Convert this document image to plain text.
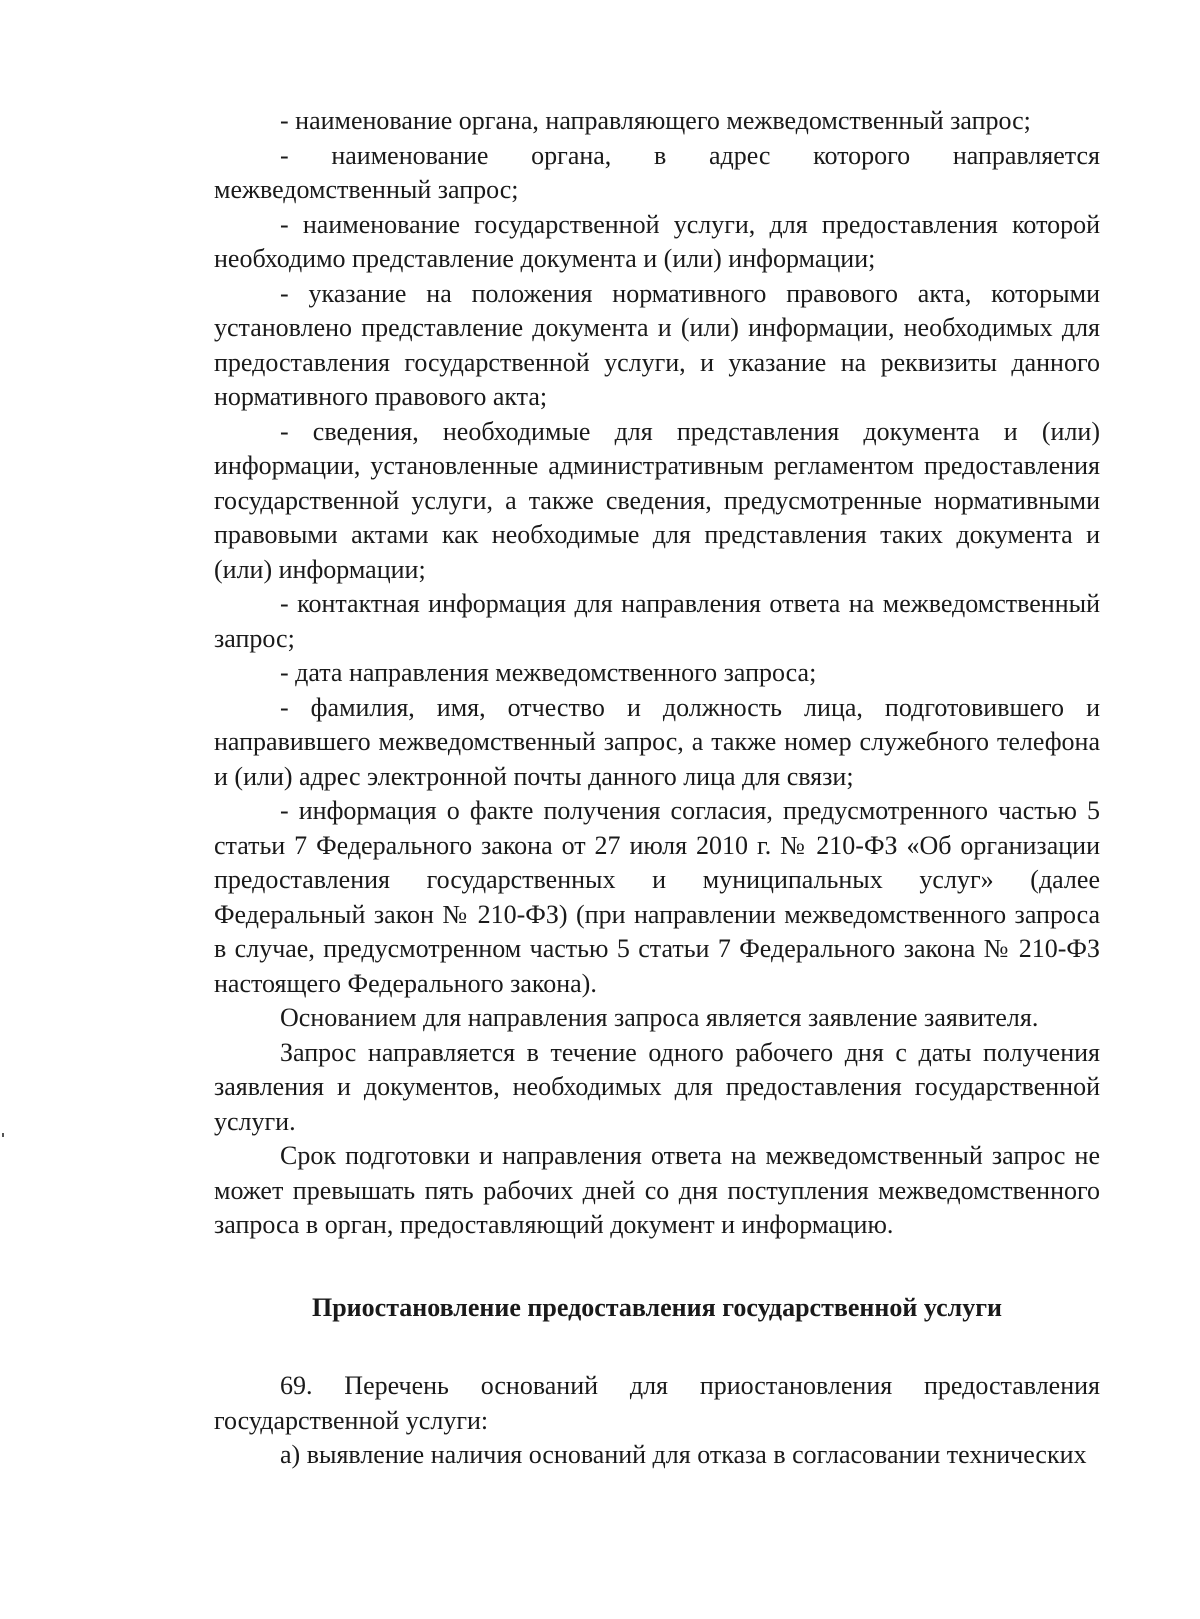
- наименование органа, направляющего межведомственный запрос;

- наименование органа, в адрес которого направляется межведомственный запрос;

- наименование государственной услуги, для предоставления которой необходимо представление документа и (или) информации;

- указание на положения нормативного правового акта, которыми установлено представление документа и (или) информации, необходимых для предоставления государственной услуги, и указание на реквизиты данного нормативного правового акта;

- сведения, необходимые для представления документа и (или) информации, установленные административным регламентом предоставления государственной услуги, а также сведения, предусмотренные нормативными правовыми актами как необходимые для представления таких документа и (или) информации;

- контактная информация для направления ответа на межведомственный запрос;

- дата направления межведомственного запроса;

- фамилия, имя, отчество и должность лица, подготовившего и направившего межведомственный запрос, а также номер служебного телефона и (или) адрес электронной почты данного лица для связи;

- информация о факте получения согласия, предусмотренного частью 5 статьи 7 Федерального закона от 27 июля 2010 г. № 210-ФЗ «Об организации предоставления государственных и муниципальных услуг» (далее Федеральный закон № 210-ФЗ) (при направлении межведомственного запроса в случае, предусмотренном частью 5 статьи 7 Федерального закона № 210-ФЗ настоящего Федерального закона).

Основанием для направления запроса является заявление заявителя.

Запрос направляется в течение одного рабочего дня с даты получения заявления и документов, необходимых для предоставления государственной услуги.

Срок подготовки и направления ответа на межведомственный запрос не может превышать пять рабочих дней со дня поступления межведомственного запроса в орган, предоставляющий документ и информацию.

Приостановление предоставления государственной услуги

69. Перечень оснований для приостановления предоставления государственной услуги:

а) выявление наличия оснований для отказа в согласовании технических
